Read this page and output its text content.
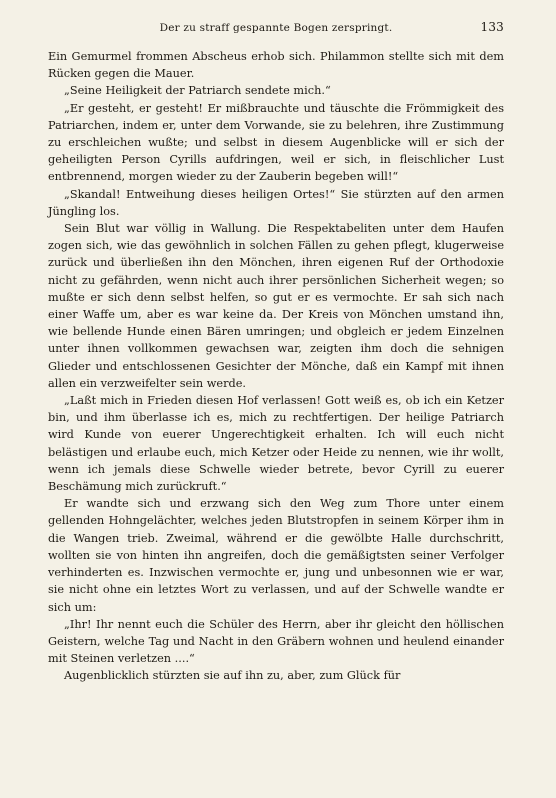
Der zu straff gespannte Bogen zerspringt.	133

Ein Gemurmel frommen Abscheus erhob sich. Philammon stellte sich mit dem Rücken gegen die Mauer.

„Seine Heiligkeit der Patriarch sendete mich.“

„Er gesteht, er gesteht! Er mißbrauchte und täuschte die Frömmigkeit des Patriarchen, indem er, unter dem Vorwande, sie zu belehren, ihre Zustimmung zu erschleichen wußte; und selbst in diesem Augenblicke will er sich der geheiligten Person Cyrills aufdringen, weil er sich, in fleischlicher Lust entbrennend, morgen wieder zu der Zauberin begeben will!“

„Skandal! Entweihung dieses heiligen Ortes!“ Sie stürzten auf den armen Jüngling los.

Sein Blut war völlig in Wallung. Die Respektabeliten unter dem Haufen zogen sich, wie das gewöhnlich in solchen Fällen zu gehen pflegt, klugerweise zurück und überließen ihn den Mönchen, ihren eigenen Ruf der Orthodoxie nicht zu gefährden, wenn nicht auch ihrer persönlichen Sicherheit wegen; so mußte er sich denn selbst helfen, so gut er es vermochte. Er sah sich nach einer Waffe um, aber es war keine da. Der Kreis von Mönchen umstand ihn, wie bellende Hunde einen Bären umringen; und obgleich er jedem Einzelnen unter ihnen vollkommen gewachsen war, zeigten ihm doch die sehnigen Glieder und entschlossenen Gesichter der Mönche, daß ein Kampf mit ihnen allen ein verzweifelter sein werde.

„Laßt mich in Frieden diesen Hof verlassen! Gott weiß es, ob ich ein Ketzer bin, und ihm überlasse ich es, mich zu rechtfertigen. Der heilige Patriarch wird Kunde von euerer Ungerechtigkeit erhalten. Ich will euch nicht belästigen und erlaube euch, mich Ketzer oder Heide zu nennen, wie ihr wollt, wenn ich jemals diese Schwelle wieder betrete, bevor Cyrill zu euerer Beschämung mich zurückruft.“

Er wandte sich und erzwang sich den Weg zum Thore unter einem gellenden Hohngelächter, welches jeden Blutstropfen in seinem Körper ihm in die Wangen trieb. Zweimal, während er die gewölbte Halle durchschritt, wollten sie von hinten ihn angreifen, doch die gemäßigtsten seiner Verfolger verhinderten es. Inzwischen vermochte er, jung und unbesonnen wie er war, sie nicht ohne ein letztes Wort zu verlassen, und auf der Schwelle wandte er sich um:

„Ihr! Ihr nennt euch die Schüler des Herrn, aber ihr gleicht den höllischen Geistern, welche Tag und Nacht in den Gräbern wohnen und heulend einander mit Steinen verletzen ....“

Augenblicklich stürzten sie auf ihn zu, aber, zum Glück für
